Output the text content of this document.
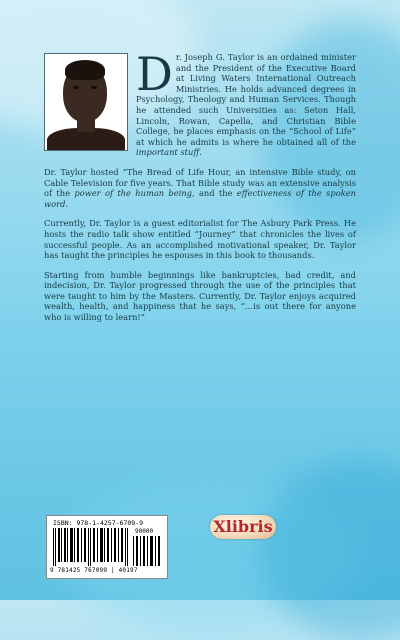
Dr. Joseph G. Taylor is an ordained minister and the President of the Executive Board at Living Waters International Outreach Ministries. He holds advanced degrees in Psychology, Theology and Human Services. Though he attended such Universities as: Seton Hall, Lincoln, Rowan, Capella, and Christian Bible College, he places emphasis on the “School of Life” at which he admits is where he obtained all of the important stuff.

Dr. Taylor hosted “The Bread of Life Hour, an intensive Bible study, on Cable Television for five years. That Bible study was an extensive analysis of the power of the human being, and the effectiveness of the spoken word.

Currently, Dr. Taylor is a guest editorialist for The Asbury Park Press. He hosts the radio talk show entitled “Journey” that chronicles the lives of successful people. As an accomplished motivational speaker, Dr. Taylor has taught the principles he espouses in this book to thousands.

Starting from humble beginnings like bankruptcies, bad credit, and indecision, Dr. Taylor progressed through the use of the principles that were taught to him by the Masters. Currently, Dr. Taylor enjoys acquired wealth, health, and happiness that he says, “…is out there for anyone who is willing to learn!”

ISBN: 978-1-4257-6709-9
90000
9 781425 767099 | 40197
Xlibris
